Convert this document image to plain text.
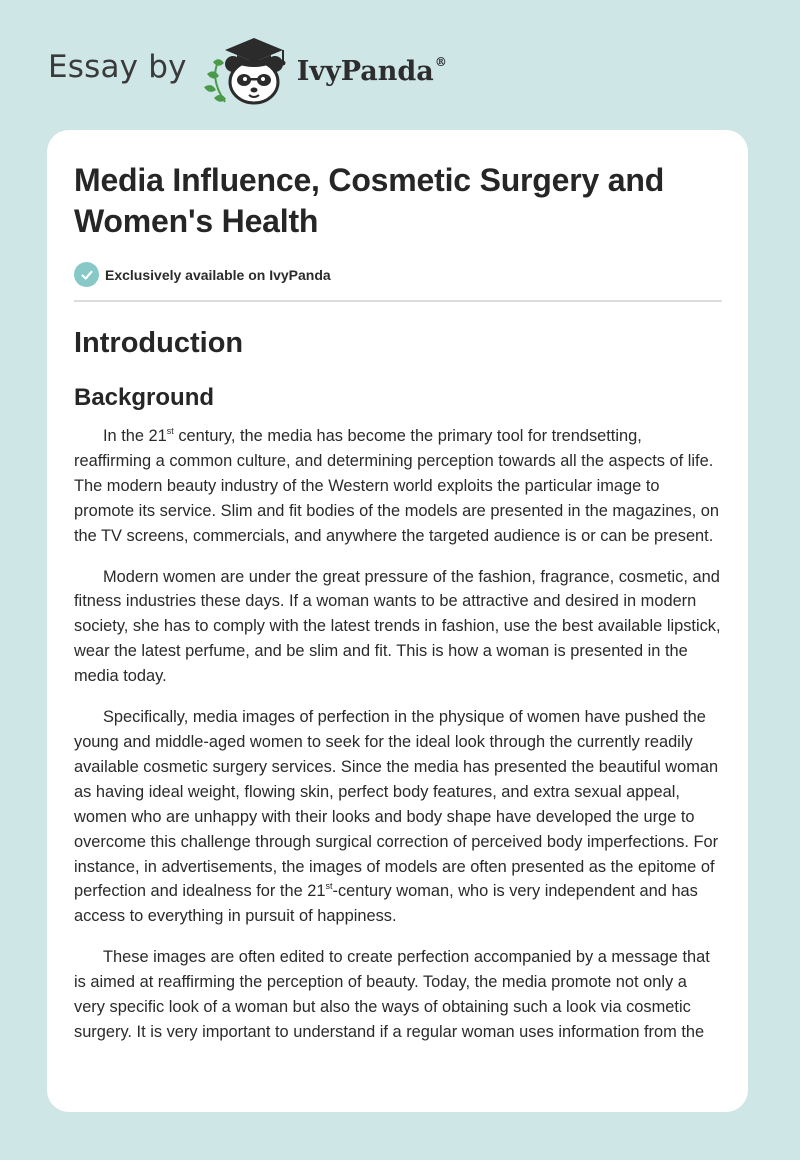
Essay by	IvyPanda®
Media Influence, Cosmetic Surgery and Women's Health
Exclusively available on IvyPanda
Introduction
Background

In the 21st century, the media has become the primary tool for trendsetting, reaffirming a common culture, and determining perception towards all the aspects of life. The modern beauty industry of the Western world exploits the particular image to promote its service. Slim and fit bodies of the models are presented in the magazines, on the TV screens, commercials, and anywhere the targeted audience is or can be present.

Modern women are under the great pressure of the fashion, fragrance, cosmetic, and fitness industries these days. If a woman wants to be attractive and desired in modern society, she has to comply with the latest trends in fashion, use the best available lipstick, wear the latest perfume, and be slim and fit. This is how a woman is presented in the media today.

Specifically, media images of perfection in the physique of women have pushed the young and middle-aged women to seek for the ideal look through the currently readily available cosmetic surgery services. Since the media has presented the beautiful woman as having ideal weight, flowing skin, perfect body features, and extra sexual appeal, women who are unhappy with their looks and body shape have developed the urge to overcome this challenge through surgical correction of perceived body imperfections. For instance, in advertisements, the images of models are often presented as the epitome of perfection and idealness for the 21st-century woman, who is very independent and has access to everything in pursuit of happiness.

These images are often edited to create perfection accompanied by a message that is aimed at reaffirming the perception of beauty. Today, the media promote not only a very specific look of a woman but also the ways of obtaining such a look via cosmetic surgery. It is very important to understand if a regular woman uses information from the
